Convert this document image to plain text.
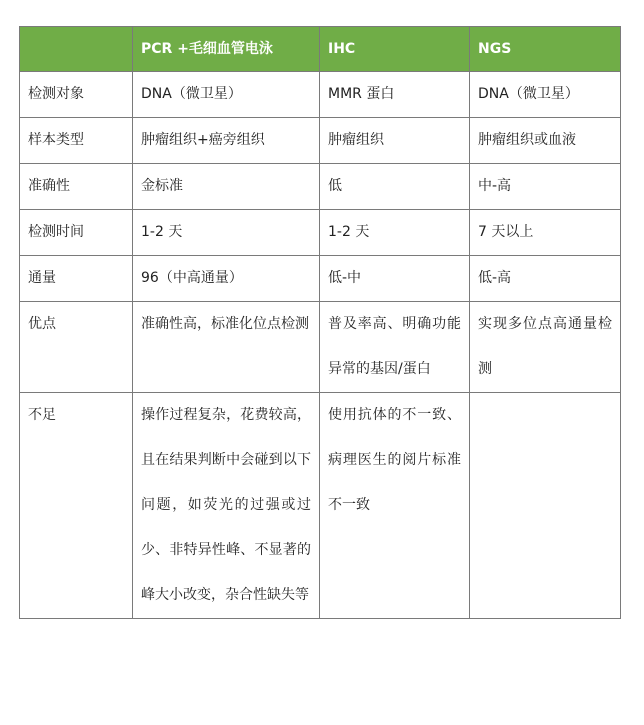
	PCR +毛细血管电泳	IHC	NGS
检测对象	DNA（微卫星）	MMR 蛋白	DNA（微卫星）
样本类型	肿瘤组织+癌旁组织	肿瘤组织	肿瘤组织或血液
准确性	金标准	低	中-高
检测时间	1-2 天	1-2 天	7 天以上
通量	96（中高通量）	低-中	低-高
优点	准确性高，标准化位点检测	普及率高、明确功能异常的基因/蛋白	实现多位点高通量检测

不足	操作过程复杂，花费较高，且在结果判断中会碰到以下问题，如荧光的过强或过少、非特异性峰、不显著的峰大小改变，杂合性缺失等	使用抗体的不一致、病理医生的阅片标准不一致	
